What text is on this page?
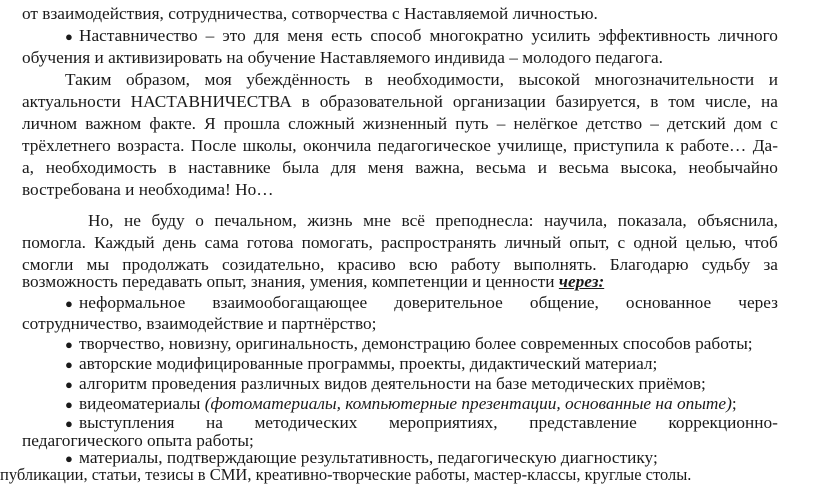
от взаимодействия, сотрудничества, сотворчества с Наставляемой личностью.
● Наставничество – это для меня есть способ многократно усилить эффективность личного
обучения и активизировать на обучение Наставляемого индивида – молодого педагога.
Таким образом, моя убеждённость в необходимости, высокой многозначительности и
актуальности НАСТАВНИЧЕСТВА в образовательной организации базируется, в том числе, на
личном важном факте. Я прошла сложный жизненный путь – нелёгкое детство – детский дом с
трёхлетнего возраста. После школы, окончила педагогическое училище, приступила к работе… Да-
а, необходимость в наставнике была для меня важна, весьма и весьма высока, необычайно
востребована и необходима! Но…
Но, не буду о печальном, жизнь мне всё преподнесла: научила, показала, объяснила,
помогла. Каждый день сама готова помогать, распространять личный опыт, с одной целью, чтоб
смогли мы продолжать созидательно, красиво всю работу выполнять. Благодарю судьбу за
возможность передавать опыт, знания, умения, компетенции и ценности через:
● неформальное взаимообогащающее доверительное общение, основанное через
сотрудничество, взаимодействие и партнёрство;
● творчество, новизну, оригинальность, демонстрацию более современных способов работы;
● авторские модифицированные программы, проекты, дидактический материал;
● алгоритм проведения различных видов деятельности на базе методических приёмов;
● видеоматериалы (фотоматериалы, компьютерные презентации, основанные на опыте);
● выступления на методических мероприятиях, представление коррекционно-
педагогического опыта работы;
● материалы, подтверждающие результативность, педагогическую диагностику;
публикации, статьи, тезисы в СМИ, креативно-творческие работы, мастер-классы, круглые столы.
